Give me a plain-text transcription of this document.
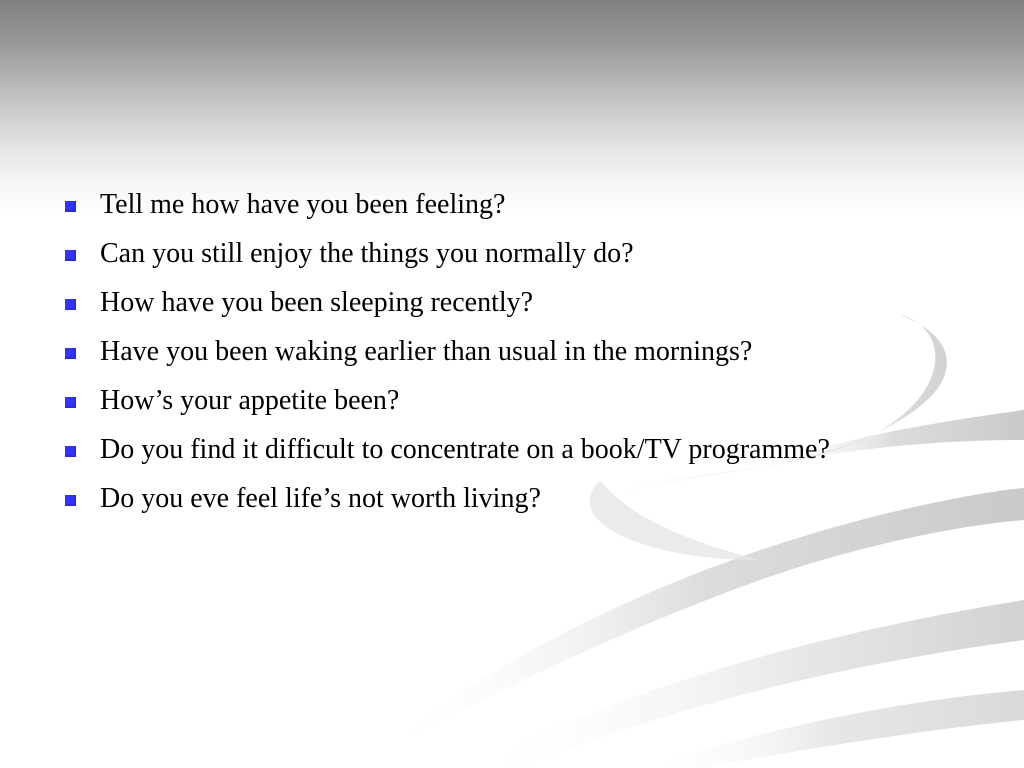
Tell me how have you been feeling?
Can you still enjoy the things you normally do?
How have you been sleeping recently?
Have you been waking earlier than usual in the mornings?
How’s your appetite been?
Do you find it difficult to concentrate on a book/TV programme?
Do you eve feel life’s not worth living?
